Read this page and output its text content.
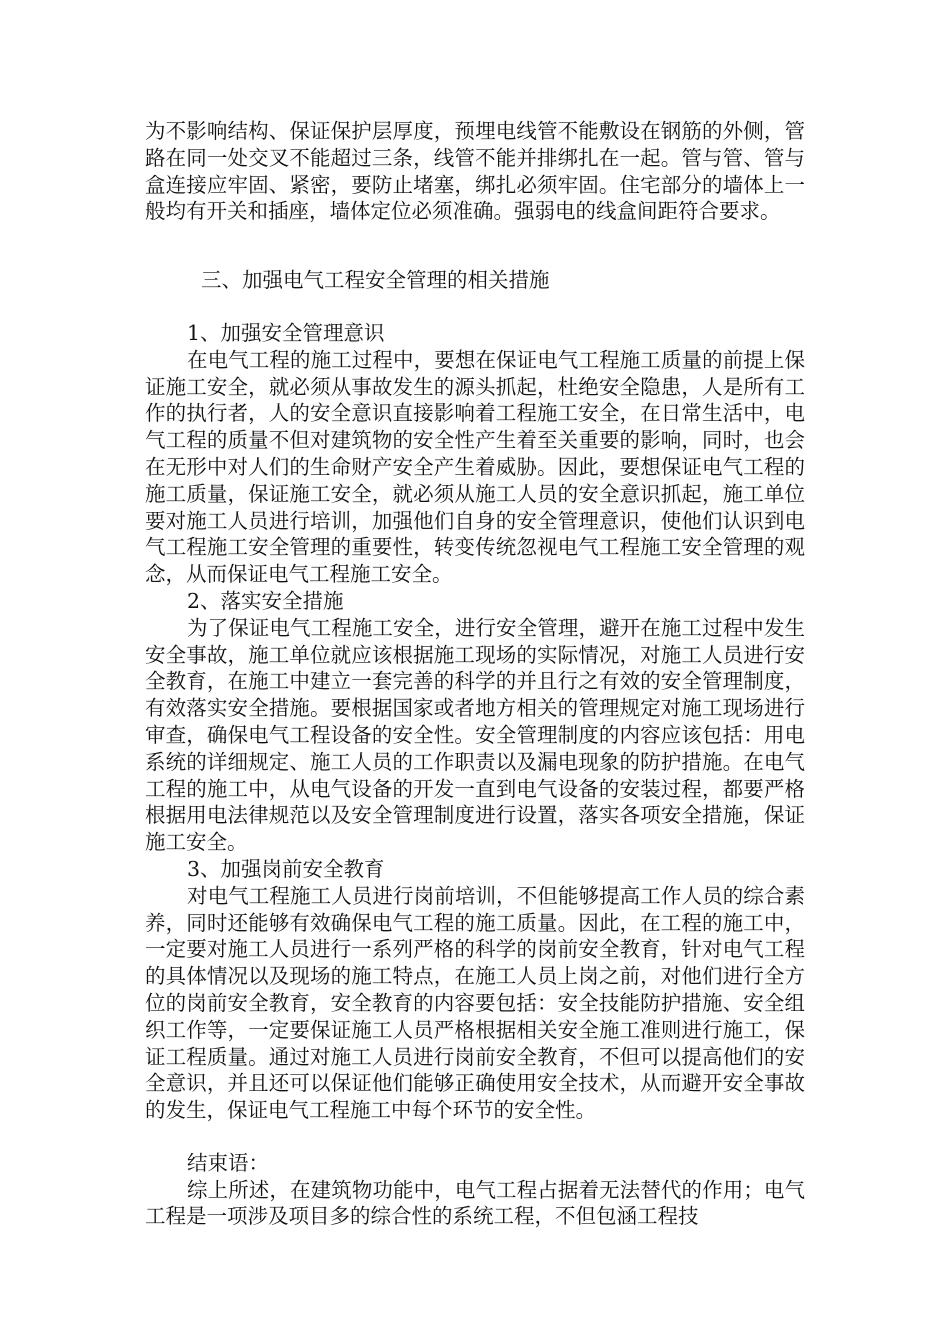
为不影响结构、保证保护层厚度，预埋电线管不能敷设在钢筋的外侧，管路在同一处交叉不能超过三条，线管不能并排绑扎在一起。管与管、管与盒连接应牢固、紧密，要防止堵塞，绑扎必须牢固。住宅部分的墙体上一般均有开关和插座，墙体定位必须准确。强弱电的线盒间距符合要求。

三、加强电气工程安全管理的相关措施

1、加强安全管理意识

在电气工程的施工过程中，要想在保证电气工程施工质量的前提上保证施工安全，就必须从事故发生的源头抓起，杜绝安全隐患，人是所有工作的执行者，人的安全意识直接影响着工程施工安全，在日常生活中，电气工程的质量不但对建筑物的安全性产生着至关重要的影响，同时，也会在无形中对人们的生命财产安全产生着威胁。因此，要想保证电气工程的施工质量，保证施工安全，就必须从施工人员的安全意识抓起，施工单位要对施工人员进行培训，加强他们自身的安全管理意识，使他们认识到电气工程施工安全管理的重要性，转变传统忽视电气工程施工安全管理的观念，从而保证电气工程施工安全。

2、落实安全措施

为了保证电气工程施工安全，进行安全管理，避开在施工过程中发生安全事故，施工单位就应该根据施工现场的实际情况，对施工人员进行安全教育，在施工中建立一套完善的科学的并且行之有效的安全管理制度，有效落实安全措施。要根据国家或者地方相关的管理规定对施工现场进行审查，确保电气工程设备的安全性。安全管理制度的内容应该包括：用电系统的详细规定、施工人员的工作职责以及漏电现象的防护措施。在电气工程的施工中，从电气设备的开发一直到电气设备的安装过程，都要严格根据用电法律规范以及安全管理制度进行设置，落实各项安全措施，保证施工安全。

3、加强岗前安全教育

对电气工程施工人员进行岗前培训，不但能够提高工作人员的综合素养，同时还能够有效确保电气工程的施工质量。因此，在工程的施工中，一定要对施工人员进行一系列严格的科学的岗前安全教育，针对电气工程的具体情况以及现场的施工特点，在施工人员上岗之前，对他们进行全方位的岗前安全教育，安全教育的内容要包括：安全技能防护措施、安全组织工作等，一定要保证施工人员严格根据相关安全施工准则进行施工，保证工程质量。通过对施工人员进行岗前安全教育，不但可以提高他们的安全意识，并且还可以保证他们能够正确使用安全技术，从而避开安全事故的发生，保证电气工程施工中每个环节的安全性。

结束语：

综上所述，在建筑物功能中，电气工程占据着无法替代的作用；电气工程是一项涉及项目多的综合性的系统工程，不但包涵工程技
